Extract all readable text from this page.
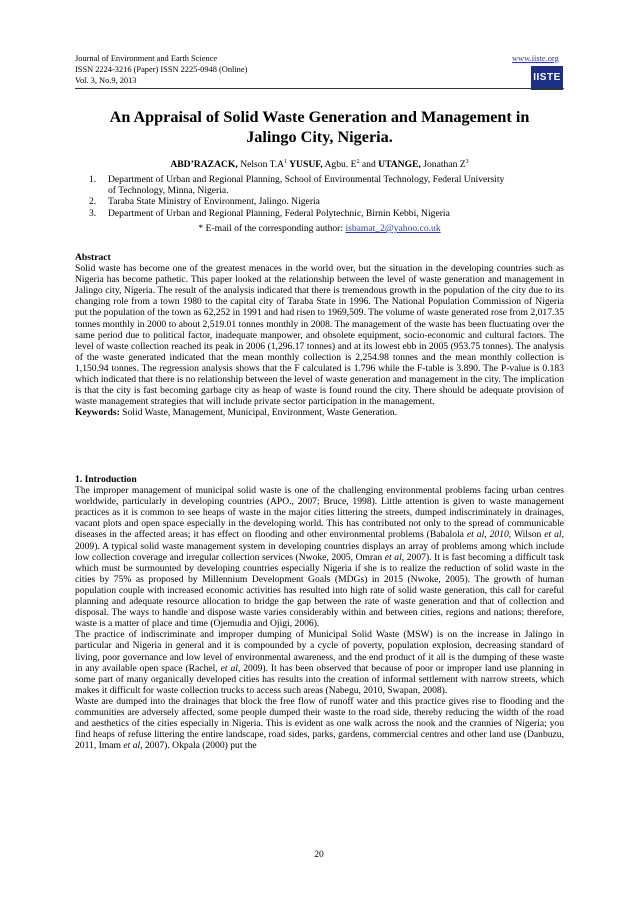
Journal of Environment and Earth Science
ISSN 2224-3216 (Paper) ISSN 2225-0948 (Online)
Vol. 3, No.9, 2013
www.iiste.org
IISTE
An Appraisal of Solid Waste Generation and Management in
Jalingo City, Nigeria.
ABD’RAZACK, Nelson $T.A^1$ YUSUF, Agbu. $E^2$ and UTANGE, Jonathan $Z^3$
1.	Department of Urban and Regional Planning, School of Environmental Technology, Federal University
of Technology, Minna, Nigeria.
2.	Taraba State Ministry of Environment, Jalingo. Nigeria
3.	Department of Urban and Regional Planning, Federal Polytechnic, Birnin Kebbi, Nigeria
* E-mail of the corresponding author: isbamat_2@yahoo.co.uk

Abstract

Solid waste has become one of the greatest menaces in the world over, but the situation in the developing countries such as Nigeria has become pathetic. This paper looked at the relationship between the level of waste generation and management in Jalingo city, Nigeria. The result of the analysis indicated that there is tremendous growth in the population of the city due to its changing role from a town 1980 to the capital city of Taraba State in 1996. The National Population Commission of Nigeria put the population of the town as 62,252 in 1991 and had risen to 1969,509. The volume of waste generated rose from 2,017.35 tonnes monthly in 2000 to about 2,519.01 tonnes monthly in 2008. The management of the waste has been fluctuating over the same period due to political factor, inadequate manpower, and obsolete equipment, socio-economic and cultural factors. The level of waste collection reached its peak in 2006 (1,296.17 tonnes) and at its lowest ebb in 2005 (953.75 tonnes). The analysis of the waste generated indicated that the mean monthly collection is 2,254.98 tonnes and the mean monthly collection is 1,150.94 tonnes. The regression analysis shows that the F calculated is 1.796 while the F-table is 3.890. The P-value is 0.183 which indicated that there is no relationship between the level of waste generation and management in the city. The implication is that the city is fast becoming garbage city as heap of waste is found round the city. There should be adequate provision of waste management strategies that will include private sector participation in the management.

Keywords: Solid Waste, Management, Municipal, Environment, Waste Generation.

1. Introduction

The improper management of municipal solid waste is one of the challenging environmental problems facing urban centres worldwide, particularly in developing countries (APO., 2007; Bruce, 1998). Little attention is given to waste management practices as it is common to see heaps of waste in the major cities littering the streets, dumped indiscriminately in drainages, vacant plots and open space especially in the developing world. This has contributed not only to the spread of communicable diseases in the affected areas; it has effect on flooding and other environmental problems (Babalola et al, 2010, Wilson et al, 2009). A typical solid waste management system in developing countries displays an array of problems among which include low collection coverage and irregular collection services (Nwoke, 2005, Omran et al, 2007). It is fast becoming a difficult task which must be surmounted by developing countries especially Nigeria if she is to realize the reduction of solid waste in the cities by 75% as proposed by Millennium Development Goals (MDGs) in 2015 (Nwoke, 2005). The growth of human population couple with increased economic activities has resulted into high rate of solid waste generation, this call for careful planning and adequate resource allocation to bridge the gap between the rate of waste generation and that of collection and disposal. The ways to handle and dispose waste varies considerably within and between cities, regions and nations; therefore, waste is a matter of place and time (Ojemudia and Ojigi, 2006).

The practice of indiscriminate and improper dumping of Municipal Solid Waste (MSW) is on the increase in Jalingo in particular and Nigeria in general and it is compounded by a cycle of poverty, population explosion, decreasing standard of living, poor governance and low level of environmental awareness, and the end product of it all is the dumping of these waste in any available open space (Rachel, et al, 2009). It has been observed that because of poor or improper land use planning in some part of many organically developed cities has results into the creation of informal settlement with narrow streets, which makes it difficult for waste collection trucks to access such areas (Nabegu, 2010, Swapan, 2008).

Waste are dumped into the drainages that block the free flow of runoff water and this practice gives rise to flooding and the communities are adversely affected, some people dumped their waste to the road side, thereby reducing the width of the road and aesthetics of the cities especially in Nigeria. This is evident as one walk across the nook and the crannies of Nigeria; you find heaps of refuse littering the entire landscape, road sides, parks, gardens, commercial centres and other land use (Danbuzu, 2011, Imam et al, 2007). Okpala (2000) put the

20
